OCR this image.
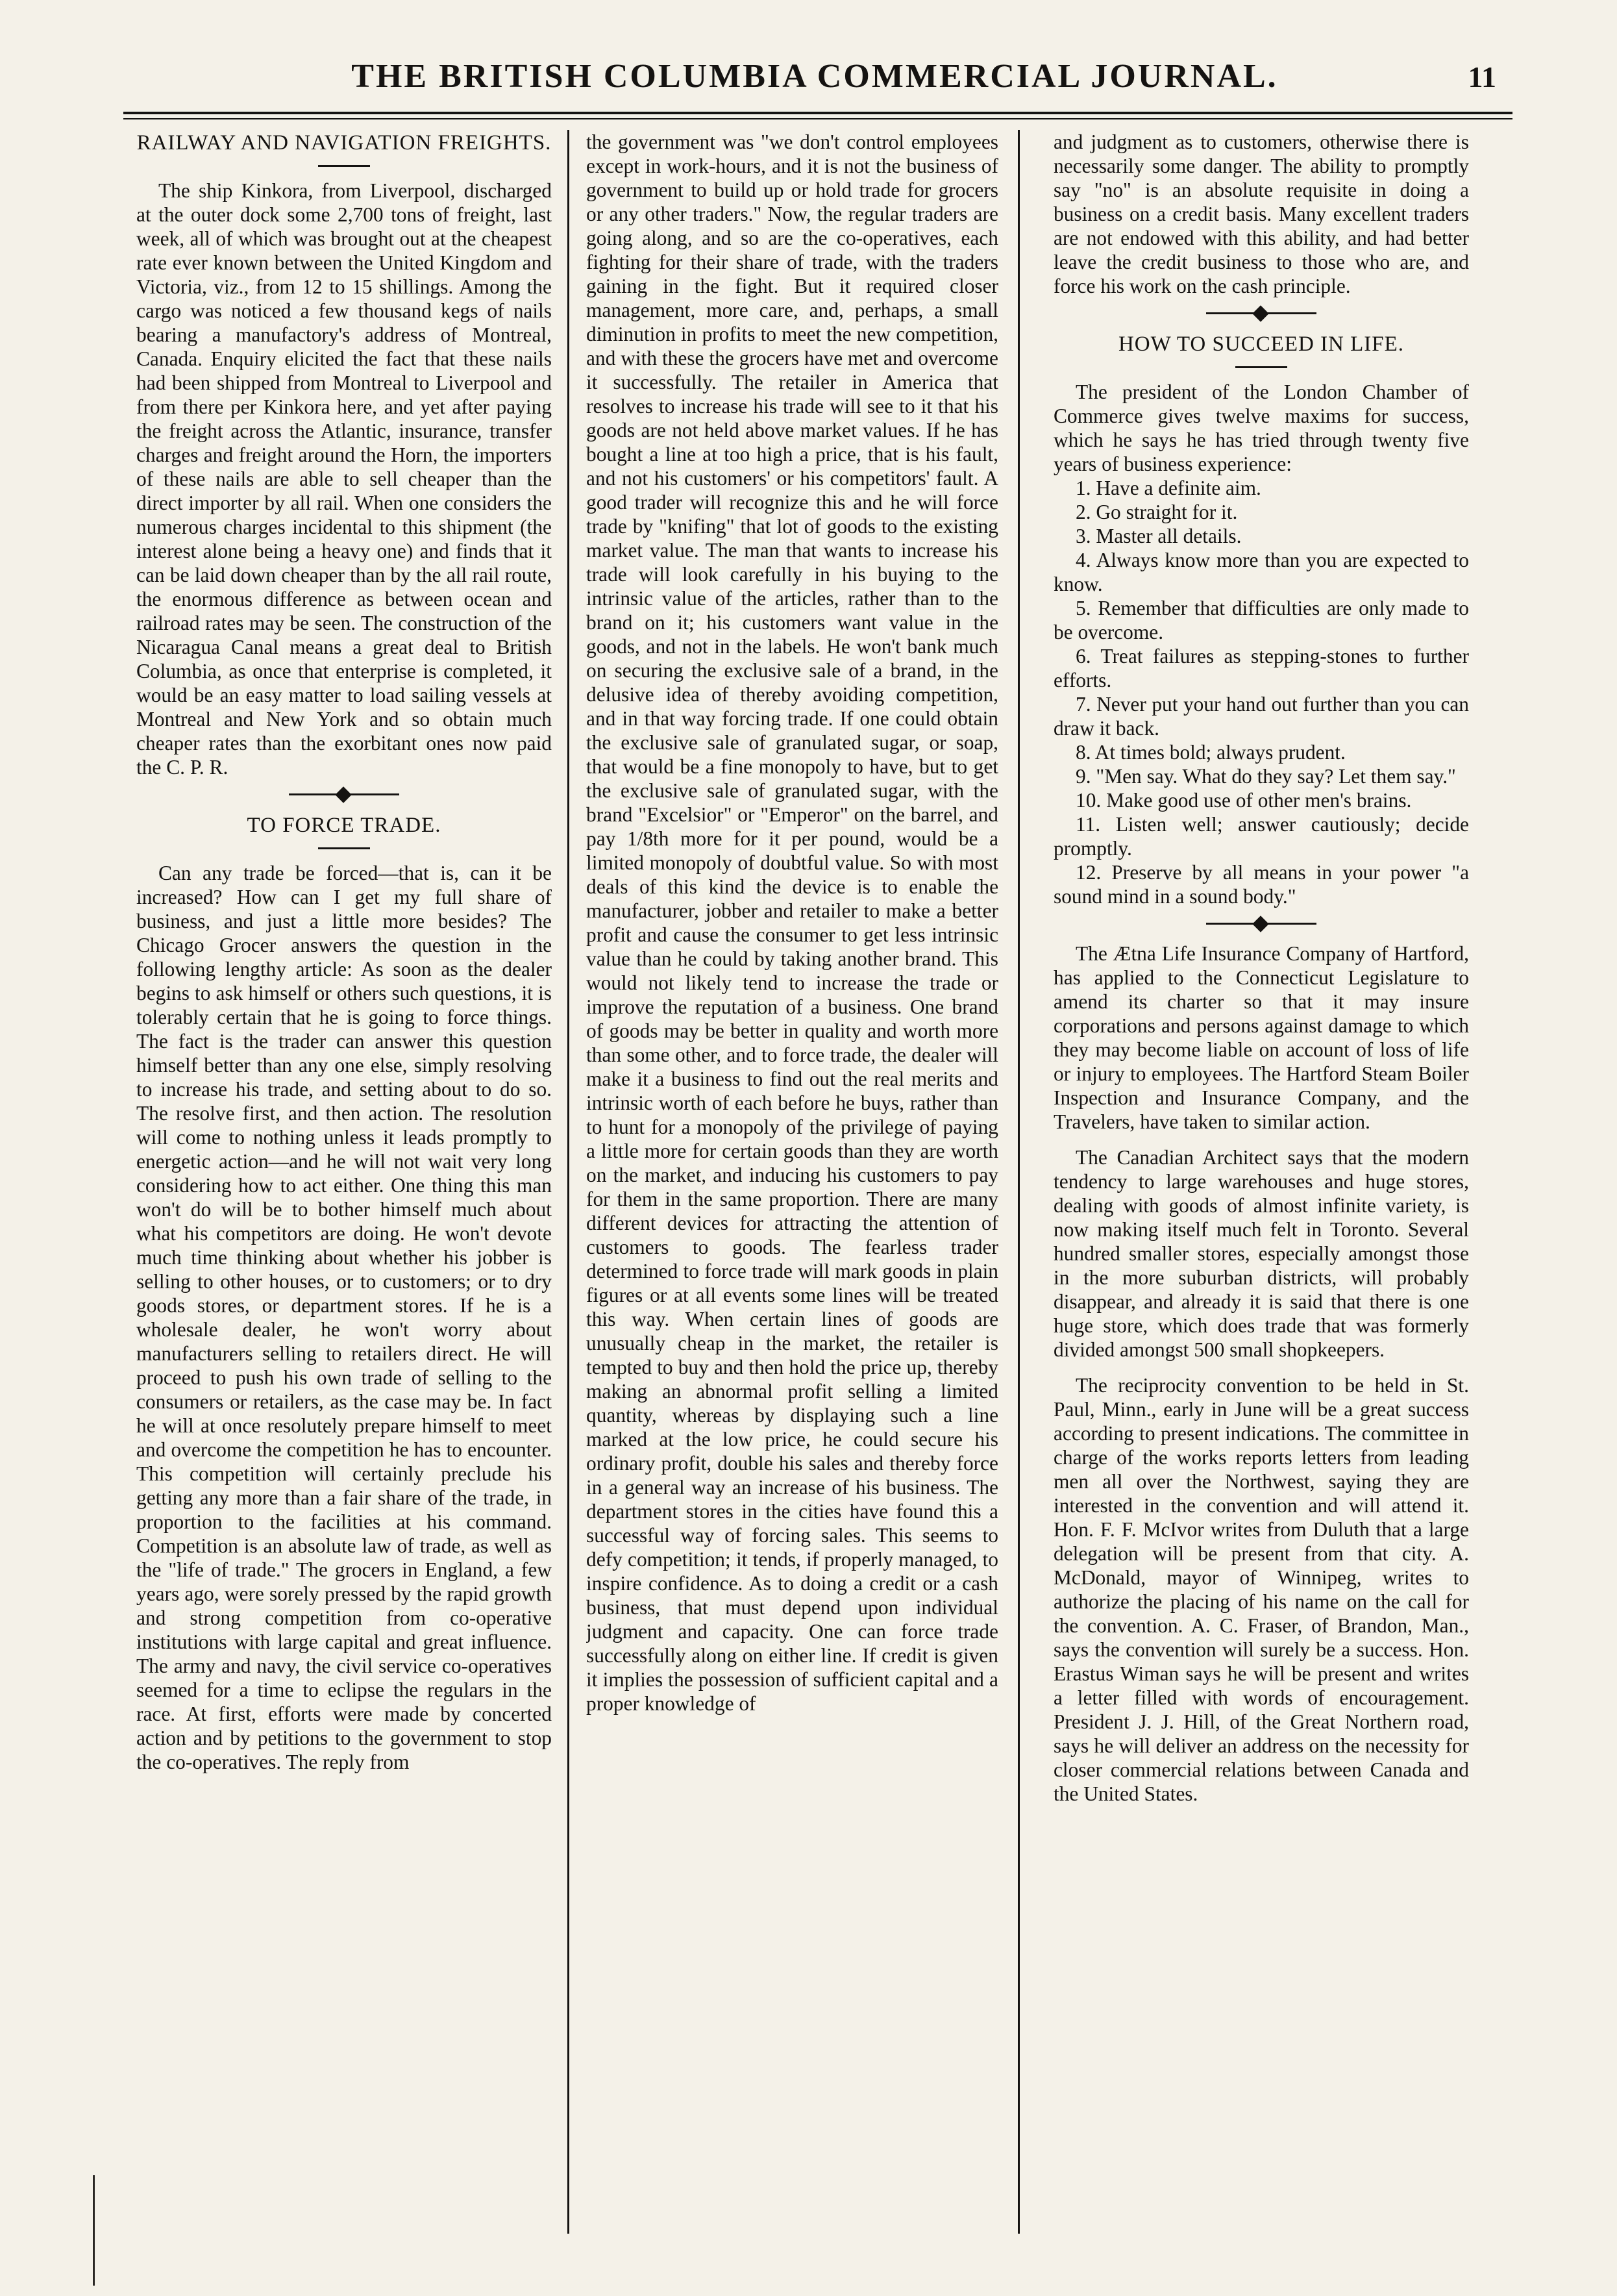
THE BRITISH COLUMBIA COMMERCIAL JOURNAL.	11
RAILWAY AND NAVIGATION FREIGHTS.

The ship Kinkora, from Liverpool, discharged at the outer dock some 2,700 tons of freight, last week, all of which was brought out at the cheapest rate ever known between the United Kingdom and Victoria, viz., from 12 to 15 shillings. Among the cargo was noticed a few thousand kegs of nails bearing a manufactory's address of Montreal, Canada. Enquiry elicited the fact that these nails had been shipped from Montreal to Liverpool and from there per Kinkora here, and yet after paying the freight across the Atlantic, insurance, transfer charges and freight around the Horn, the importers of these nails are able to sell cheaper than the direct importer by all rail. When one considers the numerous charges incidental to this shipment (the interest alone being a heavy one) and finds that it can be laid down cheaper than by the all rail route, the enormous difference as between ocean and railroad rates may be seen. The construction of the Nicaragua Canal means a great deal to British Columbia, as once that enterprise is completed, it would be an easy matter to load sailing vessels at Montreal and New York and so obtain much cheaper rates than the exorbitant ones now paid the C. P. R.

TO FORCE TRADE.

Can any trade be forced—that is, can it be increased? How can I get my full share of business, and just a little more besides? The Chicago Grocer answers the question in the following lengthy article: As soon as the dealer begins to ask himself or others such questions, it is tolerably certain that he is going to force things. The fact is the trader can answer this question himself better than any one else, simply resolving to increase his trade, and setting about to do so. The resolve first, and then action. The resolution will come to nothing unless it leads promptly to energetic action—and he will not wait very long considering how to act either. One thing this man won't do will be to bother himself much about what his competitors are doing. He won't devote much time thinking about whether his jobber is selling to other houses, or to customers; or to dry goods stores, or department stores. If he is a wholesale dealer, he won't worry about manufacturers selling to retailers direct. He will proceed to push his own trade of selling to the consumers or retailers, as the case may be. In fact he will at once resolutely prepare himself to meet and overcome the competition he has to encounter. This competition will certainly preclude his getting any more than a fair share of the trade, in proportion to the facilities at his command. Competition is an absolute law of trade, as well as the "life of trade." The grocers in England, a few years ago, were sorely pressed by the rapid growth and strong competition from co-operative institutions with large capital and great influence. The army and navy, the civil service co-operatives seemed for a time to eclipse the regulars in the race. At first, efforts were made by concerted action and by petitions to the government to stop the co-operatives. The reply from

the government was "we don't control employees except in work-hours, and it is not the business of government to build up or hold trade for grocers or any other traders." Now, the regular traders are going along, and so are the co-operatives, each fighting for their share of trade, with the traders gaining in the fight. But it required closer management, more care, and, perhaps, a small diminution in profits to meet the new competition, and with these the grocers have met and overcome it successfully. The retailer in America that resolves to increase his trade will see to it that his goods are not held above market values. If he has bought a line at too high a price, that is his fault, and not his customers' or his competitors' fault. A good trader will recognize this and he will force trade by "knifing" that lot of goods to the existing market value. The man that wants to increase his trade will look carefully in his buying to the intrinsic value of the articles, rather than to the brand on it; his customers want value in the goods, and not in the labels. He won't bank much on securing the exclusive sale of a brand, in the delusive idea of thereby avoiding competition, and in that way forcing trade. If one could obtain the exclusive sale of granulated sugar, or soap, that would be a fine monopoly to have, but to get the exclusive sale of granulated sugar, with the brand "Excelsior" or "Emperor" on the barrel, and pay 1/8th more for it per pound, would be a limited monopoly of doubtful value. So with most deals of this kind the device is to enable the manufacturer, jobber and retailer to make a better profit and cause the consumer to get less intrinsic value than he could by taking another brand. This would not likely tend to increase the trade or improve the reputation of a business. One brand of goods may be better in quality and worth more than some other, and to force trade, the dealer will make it a business to find out the real merits and intrinsic worth of each before he buys, rather than to hunt for a monopoly of the privilege of paying a little more for certain goods than they are worth on the market, and inducing his customers to pay for them in the same proportion. There are many different devices for attracting the attention of customers to goods. The fearless trader determined to force trade will mark goods in plain figures or at all events some lines will be treated this way. When certain lines of goods are unusually cheap in the market, the retailer is tempted to buy and then hold the price up, thereby making an abnormal profit selling a limited quantity, whereas by displaying such a line marked at the low price, he could secure his ordinary profit, double his sales and thereby force in a general way an increase of his business. The department stores in the cities have found this a successful way of forcing sales. This seems to defy competition; it tends, if properly managed, to inspire confidence. As to doing a credit or a cash business, that must depend upon individual judgment and capacity. One can force trade successfully along on either line. If credit is given it implies the possession of sufficient capital and a proper knowledge of

and judgment as to customers, otherwise there is necessarily some danger. The ability to promptly say "no" is an absolute requisite in doing a business on a credit basis. Many excellent traders are not endowed with this ability, and had better leave the credit business to those who are, and force his work on the cash principle.

HOW TO SUCCEED IN LIFE.

The president of the London Chamber of Commerce gives twelve maxims for success, which he says he has tried through twenty five years of business experience:

1. Have a definite aim.
2. Go straight for it.
3. Master all details.
4. Always know more than you are expected to know.
5. Remember that difficulties are only made to be overcome.
6. Treat failures as stepping-stones to further efforts.
7. Never put your hand out further than you can draw it back.
8. At times bold; always prudent.
9. "Men say. What do they say? Let them say."
10. Make good use of other men's brains.
11. Listen well; answer cautiously; decide promptly.
12. Preserve by all means in your power "a sound mind in a sound body."

The Ætna Life Insurance Company of Hartford, has applied to the Connecticut Legislature to amend its charter so that it may insure corporations and persons against damage to which they may become liable on account of loss of life or injury to employees. The Hartford Steam Boiler Inspection and Insurance Company, and the Travelers, have taken to similar action.

The Canadian Architect says that the modern tendency to large warehouses and huge stores, dealing with goods of almost infinite variety, is now making itself much felt in Toronto. Several hundred smaller stores, especially amongst those in the more suburban districts, will probably disappear, and already it is said that there is one huge store, which does trade that was formerly divided amongst 500 small shopkeepers.

The reciprocity convention to be held in St. Paul, Minn., early in June will be a great success according to present indications. The committee in charge of the works reports letters from leading men all over the Northwest, saying they are interested in the convention and will attend it. Hon. F. F. McIvor writes from Duluth that a large delegation will be present from that city. A. McDonald, mayor of Winnipeg, writes to authorize the placing of his name on the call for the convention. A. C. Fraser, of Brandon, Man., says the convention will surely be a success. Hon. Erastus Wiman says he will be present and writes a letter filled with words of encouragement. President J. J. Hill, of the Great Northern road, says he will deliver an address on the necessity for closer commercial relations between Canada and the United States.
